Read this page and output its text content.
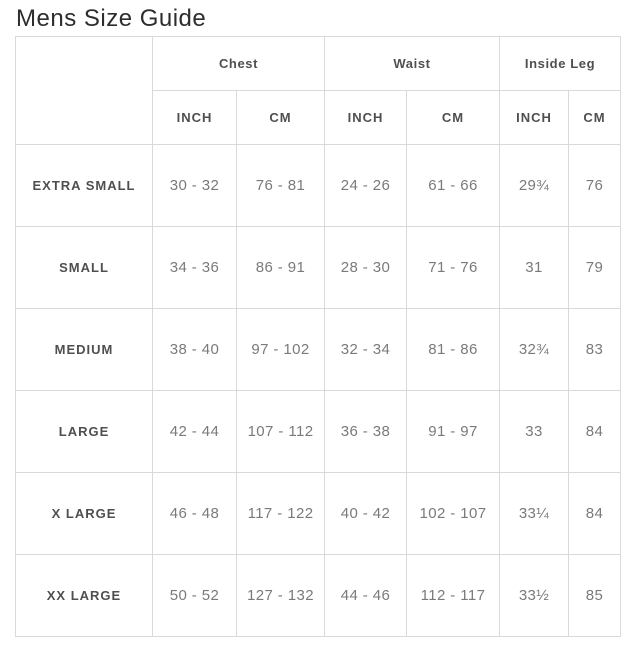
Mens Size Guide
	Chest		Waist		Inside Leg	
	INCH	CM	INCH	CM	INCH	CM
EXTRA SMALL	30 - 32	76 - 81	24 - 26	61 - 66	29¾	76
SMALL	34 - 36	86 - 91	28 - 30	71 - 76	31	79
MEDIUM	38 - 40	97 - 102	32 - 34	81 - 86	32¾	83
LARGE	42 - 44	107 - 112	36 - 38	91 - 97	33	84
X LARGE	46 - 48	117 - 122	40 - 42	102 - 107	33¼	84
XX LARGE	50 - 52	127 - 132	44 - 46	112 - 117	33½	85
